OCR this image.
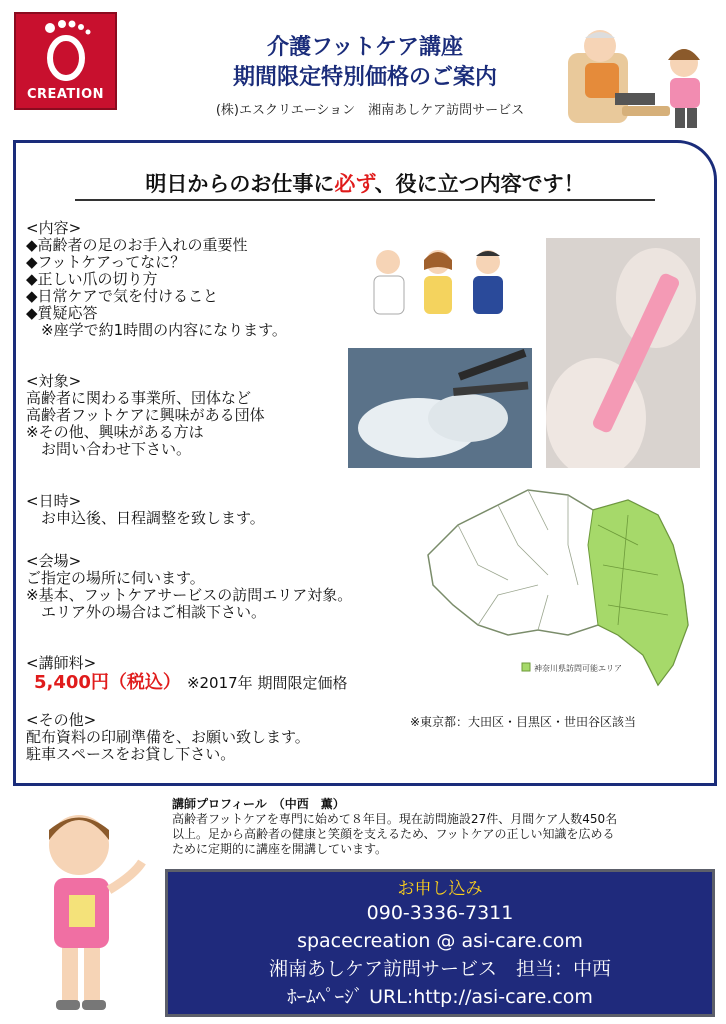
CREATION
介護フットケア講座
期間限定特別価格のご案内
(株)エスクリエーション　湘南あしケア訪問サービス
明日からのお仕事に必ず、役に立つ内容です！
<内容>
◆高齢者の足のお手入れの重要性
◆フットケアってなに？
◆正しい爪の切り方
◆日常ケアで気を付けること
◆質疑応答
　※座学で約1時間の内容になります。
<対象>
高齢者に関わる事業所、団体など
高齢者フットケアに興味がある団体
※その他、興味がある方は
　お問い合わせ下さい。
<日時>
　お申込後、日程調整を致します。
<会場>
ご指定の場所に伺います。
※基本、フットケアサービスの訪問エリア対象。
　エリア外の場合はご相談下さい。
<講師料>
5,400円（税込） ※2017年 期間限定価格
<その他>
配布資料の印刷準備を、お願い致します。
駐車スペースをお貸し下さい。
神奈川県訪問可能エリア
※東京都：大田区・目黒区・世田谷区該当
講師プロフィール　（中西　薫）
高齢者フットケアを専門に始めて８年目。現在訪問施設27件、月間ケア人数450名
以上。足から高齢者の健康と笑顔を支えるため、フットケアの正しい知識を広める
ために定期的に講座を開講しています。
お申し込み
090-3336-7311
spacecreation @ asi-care.com
湘南あしケア訪問サービス　担当：中西
ﾎｰﾑﾍﾟｰｼﾞ URL:http://asi-care.com
